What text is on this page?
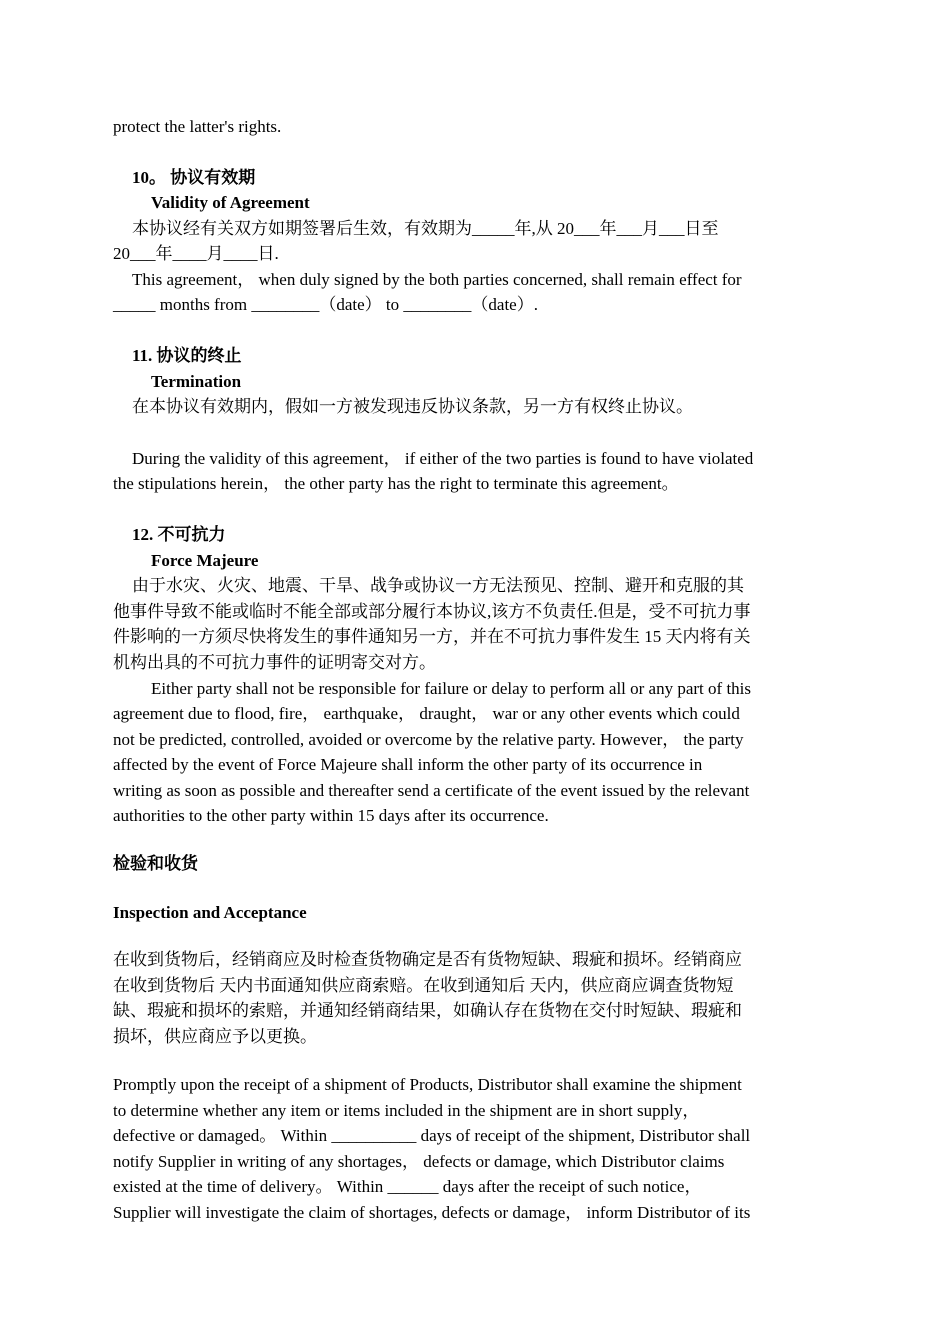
protect the latter's rights.

10。 协议有效期

Validity of Agreement

本协议经有关双方如期签署后生效，有效期为_____年,从 20___年___月___日至

20___年____月____日.

This agreement， when duly signed by the both parties concerned, shall remain effect for

_____ months from ________（date） to ________（date）.

11. 协议的终止

Termination

在本协议有效期内，假如一方被发现违反协议条款，另一方有权终止协议。

During the validity of this agreement， if either of the two parties is found to have violated

the stipulations herein， the other party has the right to terminate this agreement。

12. 不可抗力

Force Majeure

由于水灾、火灾、地震、干旱、战争或协议一方无法预见、控制、避开和克服的其

他事件导致不能或临时不能全部或部分履行本协议,该方不负责任.但是，受不可抗力事

件影响的一方须尽快将发生的事件通知另一方，并在不可抗力事件发生 15 天内将有关

机构出具的不可抗力事件的证明寄交对方。

Either party shall not be responsible for failure or delay to perform all or any part of this

agreement due to flood, fire， earthquake， draught， war or any other events which could

not be predicted, controlled, avoided or overcome by the relative party. However， the party

affected by the event of Force Majeure shall inform the other party of its occurrence in

writing as soon as possible and thereafter send a certificate of the event issued by the relevant

authorities to the other party within 15 days after its occurrence.

检验和收货

Inspection and Acceptance

在收到货物后，经销商应及时检查货物确定是否有货物短缺、瑕疵和损坏。经销商应

在收到货物后 天内书面通知供应商索赔。在收到通知后 天内，供应商应调查货物短

缺、瑕疵和损坏的索赔，并通知经销商结果，如确认存在货物在交付时短缺、瑕疵和

损坏，供应商应予以更换。

Promptly upon the receipt of a shipment of Products, Distributor shall examine the shipment

to determine whether any item or items included in the shipment are in short supply，

defective or damaged。 Within __________ days of receipt of the shipment, Distributor shall

notify Supplier in writing of any shortages， defects or damage, which Distributor claims

existed at the time of delivery。 Within ______ days after the receipt of such notice，

Supplier will investigate the claim of shortages, defects or damage， inform Distributor of its
